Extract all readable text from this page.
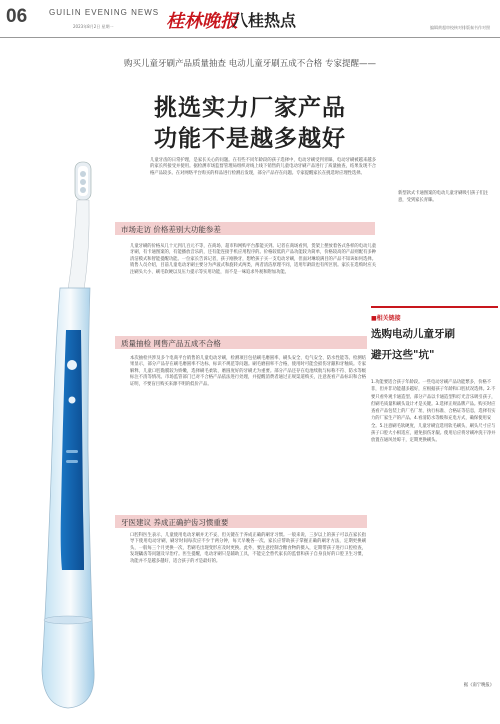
06	GUILIN EVENING NEWS
2023年8月2日 星期一	桂林晚报
八桂热点	编辑黄超审校核对排版秦书作对照
购买儿童牙刷产品质量抽查 电动儿童牙刷五成不合格 专家提醒——
挑选实力厂家产品
功能不是越多越好
儿童牙齿的日常护理，是家长关心的问题。在有些不同年龄段的孩子选择中，电动牙刷受到青睐，电动牙刷被越来越多的家长所接受并使用。据检测市场监督管理局组织对线上线下销售的儿童电动牙刷产品进行了质量抽查，结果发现不合格产品较多。在对网络平台购买的样品进行检测后发现，部分产品存在问题。专家提醒家长在挑选时应理性选择。
市场走访 价格差别大功能参差
儿童牙刷的价格从几十元到几百元不等，在商场、超市和网购平台都能买到。记者在商场看到，货架上摆放着各式各样的电动儿童牙刷，有卡通图案的，有能播放音乐的，还有能连接手机应用程序的。价格较低的产品功能较为简单，价格较高的产品则配有多种清洁模式和智能提醒功能。一位家长告诉记者，孩子刚换牙，想给孩子买一支电动牙刷，但面对琳琅满目的产品不知该如何选择。销售人员介绍，目前儿童电动牙刷主要分为声波式和旋转式两类，两者清洁原理不同，适用年龄段也有所区别。家长在选购时应关注刷头大小、刷毛软硬以及压力提示等实用功能，而不是一味追求外观和附加功能。
新型款式卡通图案的电动儿童牙刷吸引孩子们注意，受到家长青睐。
质量抽检 网售产品五成不合格
本次抽检共涉及多个电商平台销售的儿童电动牙刷，检测项目包括刷毛磨圆率、刷头安全、电气安全、防水性能等。检测结果显示，部分产品存在刷毛磨圆率不达标、标识不规范等问题。刷毛磨圆率不合格，使用时可能会损伤牙龈和牙釉质。专家解释，儿童口腔黏膜较为娇嫩，选择刷毛柔软、磨圆度好的牙刷尤为重要。部分产品还存在电池续航与标称不符、防水等级标注不清等情况。市场监管部门已对不合格产品依法进行处理，并提醒消费者通过正规渠道购买，注意查看产品标识和合格证明，不要盲目购买来源不明的低价产品。
牙医建议 养成正确护齿习惯重要
口腔科医生表示，儿童使用电动牙刷并无不妥，但关键在于养成正确的刷牙习惯。一般来说，三岁以上的孩子可以在家长指导下使用电动牙刷，刷牙时间每次应不少于两分钟，每天早晚各一次。家长应帮助孩子掌握正确的刷牙方法，定期更换刷头，一般每三个月更换一次，若刷毛出现变形应及时更换。此外，要注意控制含糖食物的摄入，定期带孩子进行口腔检查，发现龋齿等问题及早治疗。医生提醒，电动牙刷只是辅助工具，不能完全替代家长的监督和孩子自身良好的口腔卫生习惯，功能并不是越多越好，适合孩子的才是最好的。
■相关链接
选购电动儿童牙刷
避开这些"坑"
1.功能要适合孩子年龄段。一些电动牙刷产品功能繁多，价格不菲，但并非功能越多越好，应根据孩子年龄和口腔状况选择。2.不要只看外观卡通造型。部分产品以卡通造型和灯光音乐吸引孩子，但刷毛质量和刷头设计才是关键。3.选择正规品牌产品。购买时应查看产品包装上的厂名厂址、执行标准、合格证等信息，选择有实力的厂家生产的产品。4.看清防水等级和充电方式，确保使用安全。5.注意刷毛软硬度，儿童牙刷宜选用软毛刷头，刷头尺寸应与孩子口腔大小相适应，避免损伤牙龈。使用后应将牙刷冲洗干净并放置在通风处晾干，定期更换刷头。
据《南宁晚报》
